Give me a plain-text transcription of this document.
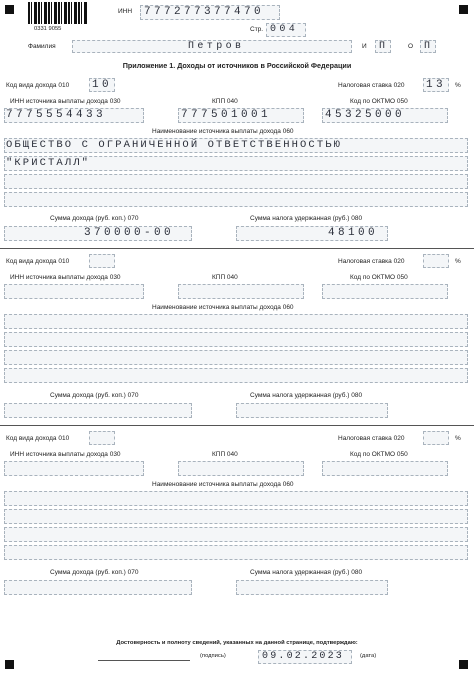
0331 9055
ИНН 777277377470
Стр. 004
Фамилия	Петров	И П	О П
Приложение 1. Доходы от источников в Российской Федерации
Код вида дохода 010 10	Налоговая ставка 020 13 %
ИНН источника выплаты дохода 030	КПП 040	Код по ОКТМО 050
7775554433	777501001	45325000
Наименование источника выплаты дохода 060
ОБЩЕСТВО С ОГРАНИЧЕННОЙ ОТВЕТСТВЕННОСТЬЮ
"КРИСТАЛЛ"
Сумма дохода (руб. коп.) 070	Сумма налога удержанная (руб.) 080
370000-00	48100
Код вида дохода 010	Налоговая ставка 020	%
ИНН источника выплаты дохода 030	КПП 040	Код по ОКТМО 050
Наименование источника выплаты дохода 060
Сумма дохода (руб. коп.) 070	Сумма налога удержанная (руб.) 080
Код вида дохода 010	Налоговая ставка 020	%
ИНН источника выплаты дохода 030	КПП 040	Код по ОКТМО 050
Наименование источника выплаты дохода 060
Сумма дохода (руб. коп.) 070	Сумма налога удержанная (руб.) 080
Достоверность и полноту сведений, указанных на данной странице, подтверждаю:
(подпись)	09.02.2023	(дата)
